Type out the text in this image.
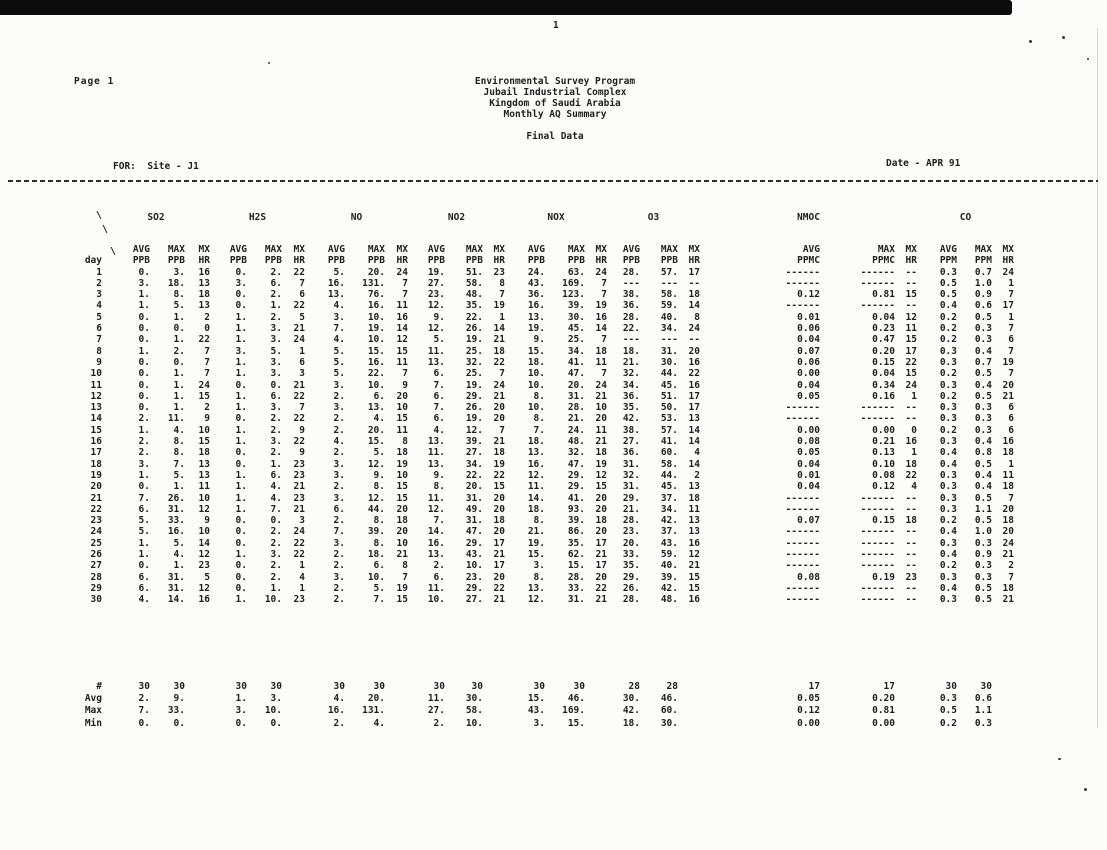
1
Page 1	Environmental Survey Program
Jubail Industrial Complex
Kingdom of Saudi Arabia
Monthly AQ Summary
Final Data
FOR:  Site - J1	Date - APR 91
\
\
\
	SO2			H2S			NO			NO2			NOX			O3			NMOC			CO		
	AVG	MAX	MX	AVG	MAX	MX	AVG	MAX	MX	AVG	MAX	MX	AVG	MAX	MX	AVG	MAX	MX	AVG	MAX	MX	AVG	MAX	MX
day	PPB	PPB	HR	PPB	PPB	HR	PPB	PPB	HR	PPB	PPB	HR	PPB	PPB	HR	PPB	PPB	HR	PPMC	PPMC	HR	PPM	PPM	HR
1	0.	3.	16	0.	2.	22	5.	20.	24	19.	51.	23	24.	63.	24	28.	57.	17	------	------	--	0.3	0.7	24
2	3.	18.	13	3.	6.	7	16.	131.	7	27.	58.	8	43.	169.	7	---	---	--	------	------	--	0.5	1.0	1
3	1.	8.	18	0.	2.	6	13.	76.	7	23.	48.	7	36.	123.	7	38.	58.	18	0.12	0.81	15	0.5	0.9	7
4	1.	5.	13	0.	1.	22	4.	16.	11	12.	35.	19	16.	39.	19	36.	59.	14	------	------	--	0.4	0.6	17
5	0.	1.	2	1.	2.	5	3.	10.	16	9.	22.	1	13.	30.	16	28.	40.	8	0.01	0.04	12	0.2	0.5	1
6	0.	0.	0	1.	3.	21	7.	19.	14	12.	26.	14	19.	45.	14	22.	34.	24	0.06	0.23	11	0.2	0.3	7
7	0.	1.	22	1.	3.	24	4.	10.	12	5.	19.	21	9.	25.	7	---	---	--	0.04	0.47	15	0.2	0.3	6
8	1.	2.	7	3.	5.	1	5.	15.	15	11.	25.	18	15.	34.	18	18.	31.	20	0.07	0.20	17	0.3	0.4	7
9	0.	0.	7	1.	3.	6	5.	16.	11	13.	32.	22	18.	41.	11	21.	30.	16	0.06	0.15	22	0.3	0.7	19
10	0.	1.	7	1.	3.	3	5.	22.	7	6.	25.	7	10.	47.	7	32.	44.	22	0.00	0.04	15	0.2	0.5	7
11	0.	1.	24	0.	0.	21	3.	10.	9	7.	19.	24	10.	20.	24	34.	45.	16	0.04	0.34	24	0.3	0.4	20
12	0.	1.	15	1.	6.	22	2.	6.	20	6.	29.	21	8.	31.	21	36.	51.	17	0.05	0.16	1	0.2	0.5	21
13	0.	1.	2	1.	3.	7	3.	13.	10	7.	26.	20	10.	28.	10	35.	50.	17	------	------	--	0.3	0.3	6
14	2.	11.	9	0.	2.	22	2.	4.	15	6.	19.	20	8.	21.	20	42.	53.	13	------	------	--	0.3	0.3	6
15	1.	4.	10	1.	2.	9	2.	20.	11	4.	12.	7	7.	24.	11	38.	57.	14	0.00	0.00	0	0.2	0.3	6
16	2.	8.	15	1.	3.	22	4.	15.	8	13.	39.	21	18.	48.	21	27.	41.	14	0.08	0.21	16	0.3	0.4	16
17	2.	8.	18	0.	2.	9	2.	5.	18	11.	27.	18	13.	32.	18	36.	60.	4	0.05	0.13	1	0.4	0.8	18
18	3.	7.	13	0.	1.	23	3.	12.	19	13.	34.	19	16.	47.	19	31.	58.	14	0.04	0.10	18	0.4	0.5	1
19	1.	5.	13	1.	6.	23	3.	9.	10	9.	22.	22	12.	29.	12	32.	44.	2	0.01	0.08	22	0.3	0.4	11
20	0.	1.	11	1.	4.	21	2.	8.	15	8.	20.	15	11.	29.	15	31.	45.	13	0.04	0.12	4	0.3	0.4	18
21	7.	26.	10	1.	4.	23	3.	12.	15	11.	31.	20	14.	41.	20	29.	37.	18	------	------	--	0.3	0.5	7
22	6.	31.	12	1.	7.	21	6.	44.	20	12.	49.	20	18.	93.	20	21.	34.	11	------	------	--	0.3	1.1	20
23	5.	33.	9	0.	0.	3	2.	8.	18	7.	31.	18	8.	39.	18	28.	42.	13	0.07	0.15	18	0.2	0.5	18
24	5.	16.	10	0.	2.	24	7.	39.	20	14.	47.	20	21.	86.	20	23.	37.	13	------	------	--	0.4	1.0	20
25	1.	5.	14	0.	2.	22	3.	8.	10	16.	29.	17	19.	35.	17	20.	43.	16	------	------	--	0.3	0.3	24
26	1.	4.	12	1.	3.	22	2.	18.	21	13.	43.	21	15.	62.	21	33.	59.	12	------	------	--	0.4	0.9	21
27	0.	1.	23	0.	2.	1	2.	6.	8	2.	10.	17	3.	15.	17	35.	40.	21	------	------	--	0.2	0.3	2
28	6.	31.	5	0.	2.	4	3.	10.	7	6.	23.	20	8.	28.	20	29.	39.	15	0.08	0.19	23	0.3	0.3	7
29	6.	31.	12	0.	1.	1	2.	5.	19	11.	29.	22	13.	33.	22	26.	42.	15	------	------	--	0.4	0.5	18
30	4.	14.	16	1.	10.	23	2.	7.	15	10.	27.	21	12.	31.	21	28.	48.	16	------	------	--	0.3	0.5	21

#	30	30		30	30		30	30		30	30		30	30		28	28		17	17		30	30	
Avg	2.	9.		1.	3.		4.	20.		11.	30.		15.	46.		30.	46.		0.05	0.20		0.3	0.6	
Max	7.	33.		3.	10.		16.	131.		27.	58.		43.	169.		42.	60.		0.12	0.81		0.5	1.1	
Min	0.	0.		0.	0.		2.	4.		2.	10.		3.	15.		18.	30.		0.00	0.00		0.2	0.3	
